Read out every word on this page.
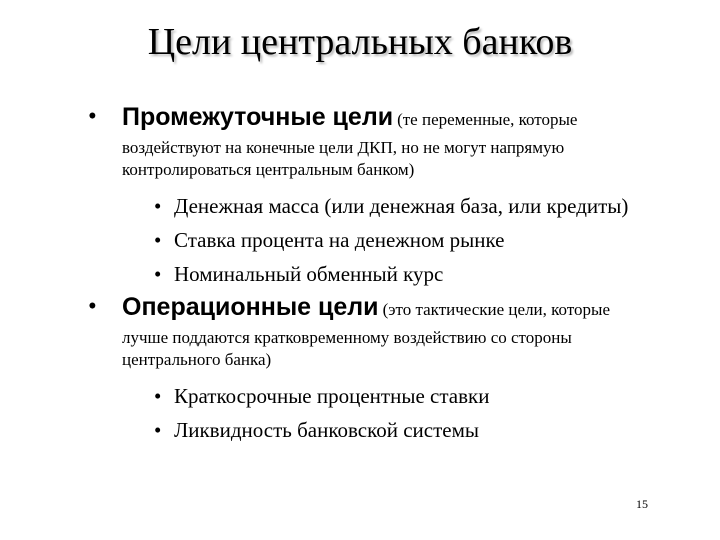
Цели центральных банков
• Промежуточные цели (те переменные, которые
воздействуют на конечные цели ДКП, но не могут напрямую
контролироваться центральным банком)
• Денежная масса (или денежная база, или кредиты)
• Ставка процента на денежном рынке
• Номинальный обменный курс
• Операционные цели (это тактические цели, которые
лучше поддаются кратковременному воздействию со стороны
центрального банка)
• Краткосрочные процентные ставки
• Ликвидность банковской системы
15
